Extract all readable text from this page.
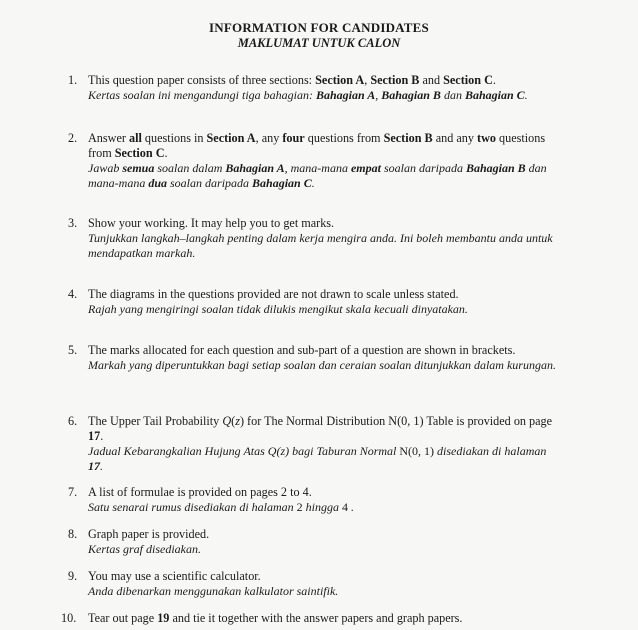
INFORMATION FOR CANDIDATES
MAKLUMAT UNTUK CALON
1. This question paper consists of three sections: Section A, Section B and Section C.
Kertas soalan ini mengandungi tiga bahagian: Bahagian A, Bahagian B dan Bahagian C.
2. Answer all questions in Section A, any four questions from Section B and any two questions from Section C.
Jawab semua soalan dalam Bahagian A, mana-mana empat soalan daripada Bahagian B dan mana-mana dua soalan daripada Bahagian C.
3. Show your working. It may help you to get marks.
Tunjukkan langkah–langkah penting dalam kerja mengira anda. Ini boleh membantu anda untuk mendapatkan markah.
4. The diagrams in the questions provided are not drawn to scale unless stated.
Rajah yang mengiringi soalan tidak dilukis mengikut skala kecuali dinyatakan.
5. The marks allocated for each question and sub-part of a question are shown in brackets.
Markah yang diperuntukkan bagi setiap soalan dan ceraian soalan ditunjukkan dalam kurungan.
6. The Upper Tail Probability Q(z) for The Normal Distribution N(0, 1) Table is provided on page 17.
Jadual Kebarangkalian Hujung Atas Q(z) bagi Taburan Normal N(0, 1) disediakan di halaman 17.
7. A list of formulae is provided on pages 2 to 4.
Satu senarai rumus disediakan di halaman 2 hingga 4 .
8. Graph paper is provided.
Kertas graf disediakan.
9. You may use a scientific calculator.
Anda dibenarkan menggunakan kalkulator saintifik.
10. Tear out page 19 and tie it together with the answer papers and graph papers.
